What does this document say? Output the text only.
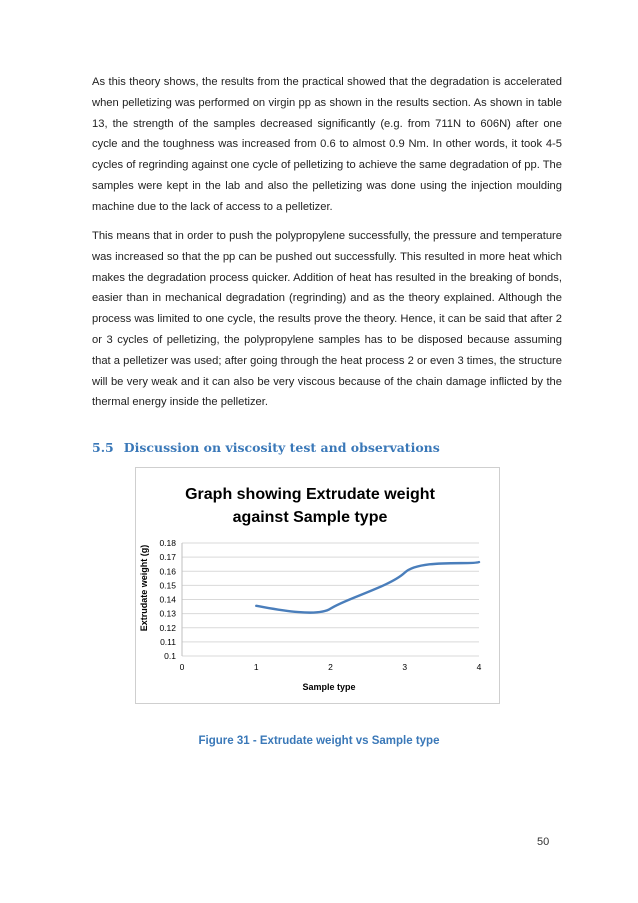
As this theory shows, the results from the practical showed that the degradation is accelerated when pelletizing was performed on virgin pp as shown in the results section. As shown in table 13, the strength of the samples decreased significantly (e.g. from 711N to 606N) after one cycle and the toughness was increased from 0.6 to almost 0.9 Nm. In other words, it took 4-5 cycles of regrinding against one cycle of pelletizing to achieve the same degradation of pp. The samples were kept in the lab and also the pelletizing was done using the injection moulding machine due to the lack of access to a pelletizer.

This means that in order to push the polypropylene successfully, the pressure and temperature was increased so that the pp can be pushed out successfully. This resulted in more heat which makes the degradation process quicker. Addition of heat has resulted in the breaking of bonds, easier than in mechanical degradation (regrinding) and as the theory explained. Although the process was limited to one cycle, the results prove the theory. Hence, it can be said that after 2 or 3 cycles of pelletizing, the polypropylene samples has to be disposed because assuming that a pelletizer was used; after going through the heat process 2 or even 3 times, the structure will be very weak and it can also be very viscous because of the chain damage inflicted by the thermal energy inside the pelletizer.

5.5 Discussion on viscosity test and observations
Graph showing Extrudate weight
against Sample type
0.1
0.11
0.12
0.13
0.14
0.15
0.16
0.17
0.18
0	1	2	3	4
Sample type
Extrudate weight (g)

Figure 31 - Extrudate weight vs Sample type

50
